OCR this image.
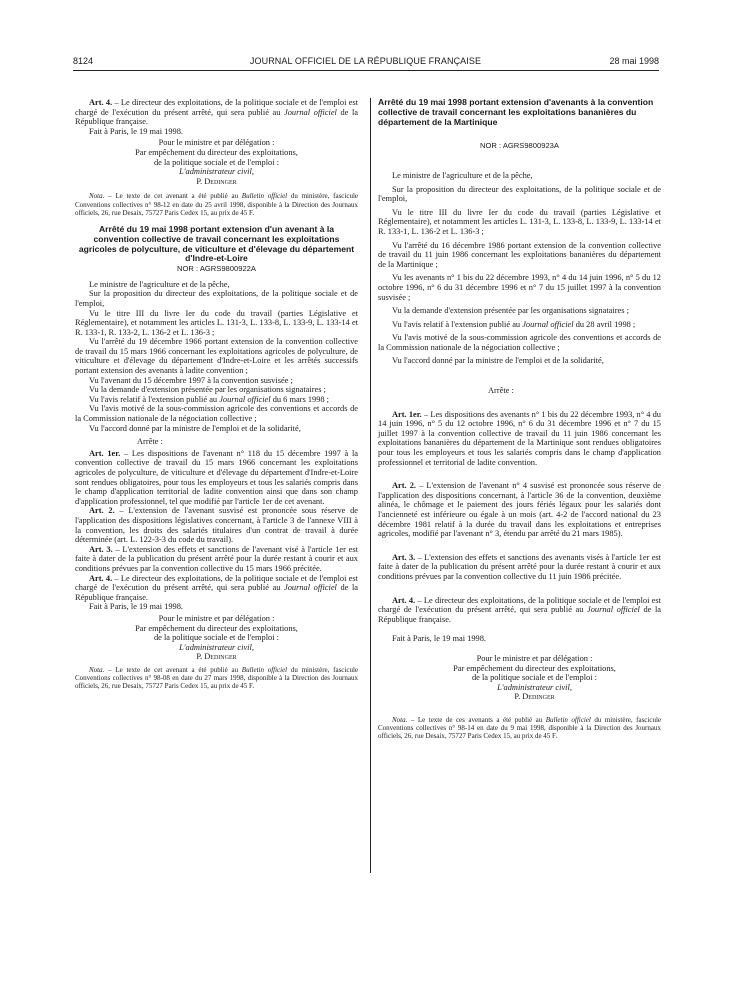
8124	JOURNAL OFFICIEL DE LA RÉPUBLIQUE FRANÇAISE	28 mai 1998

Art. 4. – Le directeur des exploitations, de la politique sociale et de l'emploi est chargé de l'exécution du présent arrêté, qui sera publié au Journal officiel de la République française.

Fait à Paris, le 19 mai 1998.

Pour le ministre et par délégation :
Par empêchement du directeur des exploitations,
de la politique sociale et de l'emploi :
L'administrateur civil,
P. Dedinger

Nota. – Le texte de cet avenant a été publié au Bulletin officiel du ministère, fascicule Conventions collectives n° 98-12 en date du 25 avril 1998, disponible à la Direction des Journaux officiels, 26, rue Desaix, 75727 Paris Cedex 15, au prix de 45 F.

Arrêté du 19 mai 1998 portant extension d'un avenant à la convention collective de travail concernant les exploitations agricoles de polyculture, de viticulture et d'élevage du département d'Indre-et-Loire
NOR : AGRS9800922A

Le ministre de l'agriculture et de la pêche,

Sur la proposition du directeur des exploitations, de la politique sociale et de l'emploi,

Vu le titre III du livre Ier du code du travail (parties Législative et Réglementaire), et notamment les articles L. 131-3, L. 133-8, L. 133-9, L. 133-14 et R. 133-1, R. 133-2, L. 136-2 et L. 136-3 ;

Vu l'arrêté du 19 décembre 1966 portant extension de la convention collective de travail du 15 mars 1966 concernant les exploitations agricoles de polyculture, de viticulture et d'élevage du département d'Indre-et-Loire et les arrêtés successifs portant extension des avenants à ladite convention ;

Vu l'avenant du 15 décembre 1997 à la convention susvisée ;

Vu la demande d'extension présentée par les organisations signataires ;

Vu l'avis relatif à l'extension publié au Journal officiel du 6 mars 1998 ;

Vu l'avis motivé de la sous-commission agricole des conventions et accords de la Commission nationale de la négociation collective ;

Vu l'accord donné par la ministre de l'emploi et de la solidarité,

Arrête :

Art. 1er. – Les dispositions de l'avenant n° 118 du 15 décembre 1997 à la convention collective de travail du 15 mars 1966 concernant les exploitations agricoles de polyculture, de viticulture et d'élevage du département d'Indre-et-Loire sont rendues obligatoires, pour tous les employeurs et tous les salariés compris dans le champ d'application territorial de ladite convention ainsi que dans son champ d'application professionnel, tel que modifié par l'article 1er de cet avenant.

Art. 2. – L'extension de l'avenant susvisé est prononcée sous réserve de l'application des dispositions législatives concernant, à l'article 3 de l'annexe VIII à la convention, les droits des salariés titulaires d'un contrat de travail à durée déterminée (art. L. 122-3-3 du code du travail).

Art. 3. – L'extension des effets et sanctions de l'avenant visé à l'article 1er est faite à dater de la publication du présent arrêté pour la durée restant à courir et aux conditions prévues par la convention collective du 15 mars 1966 précitée.

Art. 4. – Le directeur des exploitations, de la politique sociale et de l'emploi est chargé de l'exécution du présent arrêté, qui sera publié au Journal officiel de la République française.

Fait à Paris, le 19 mai 1998.

Pour le ministre et par délégation :
Par empêchement du directeur des exploitations,
de la politique sociale et de l'emploi :
L'administrateur civil,
P. Dedinger

Nota. – Le texte de cet avenant a été publié au Bulletin officiel du ministère, fascicule Conventions collectives n° 98-08 en date du 27 mars 1998, disponible à la Direction des Journaux officiels, 26, rue Desaix, 75727 Paris Cedex 15, au prix de 45 F.

Arrêté du 19 mai 1998 portant extension d'avenants à la convention collective de travail concernant les exploitations bananières du département de la Martinique
NOR : AGRS9800923A

Le ministre de l'agriculture et de la pêche,

Sur la proposition du directeur des exploitations, de la politique sociale et de l'emploi,

Vu le titre III du livre Ier du code du travail (parties Législative et Réglementaire), et notamment les articles L. 131-3, L. 133-8, L. 133-9, L. 133-14 et R. 133-1, L. 136-2 et L. 136-3 ;

Vu l'arrêté du 16 décembre 1986 portant extension de la convention collective de travail du 11 juin 1986 concernant les exploitations bananières du département de la Martinique ;

Vu les avenants n° 1 bis du 22 décembre 1993, n° 4 du 14 juin 1996, n° 5 du 12 octobre 1996, n° 6 du 31 décembre 1996 et n° 7 du 15 juillet 1997 à la convention susvisée ;

Vu la demande d'extension présentée par les organisations signataires ;

Vu l'avis relatif à l'extension publié au Journal officiel du 28 avril 1998 ;

Vu l'avis motivé de la sous-commission agricole des conventions et accords de la Commission nationale de la négociation collective ;

Vu l'accord donné par la ministre de l'emploi et de la solidarité,

Arrête :

Art. 1er. – Les dispositions des avenants n° 1 bis du 22 décembre 1993, n° 4 du 14 juin 1996, n° 5 du 12 octobre 1996, n° 6 du 31 décembre 1996 et n° 7 du 15 juillet 1997 à la convention collective de travail du 11 juin 1986 concernant les exploitations bananières du département de la Martinique sont rendues obligatoires pour tous les employeurs et tous les salariés compris dans le champ d'application professionnel et territorial de ladite convention.

Art. 2. – L'extension de l'avenant n° 4 susvisé est prononcée sous réserve de l'application des dispositions concernant, à l'article 36 de la convention, deuxième alinéa, le chômage et le paiement des jours fériés légaux pour les salariés dont l'ancienneté est inférieure ou égale à un mois (art. 4-2 de l'accord national du 23 décembre 1981 relatif à la durée du travail dans les exploitations et entreprises agricoles, modifié par l'avenant n° 3, étendu par arrêté du 21 mars 1985).

Art. 3. – L'extension des effets et sanctions des avenants visés à l'article 1er est faite à dater de la publication du présent arrêté pour la durée restant à courir et aux conditions prévues par la convention collective du 11 juin 1986 précitée.

Art. 4. – Le directeur des exploitations, de la politique sociale et de l'emploi est chargé de l'exécution du présent arrêté, qui sera publié au Journal officiel de la République française.

Fait à Paris, le 19 mai 1998.

Pour le ministre et par délégation :
Par empêchement du directeur des exploitations,
de la politique sociale et de l'emploi :
L'administrateur civil,
P. Dedinger

Nota. – Le texte de ces avenants a été publié au Bulletin officiel du ministère, fascicule Conventions collectives n° 98-14 en date du 9 mai 1998, disponible à la Direction des Journaux officiels, 26, rue Desaix, 75727 Paris Cedex 15, au prix de 45 F.
